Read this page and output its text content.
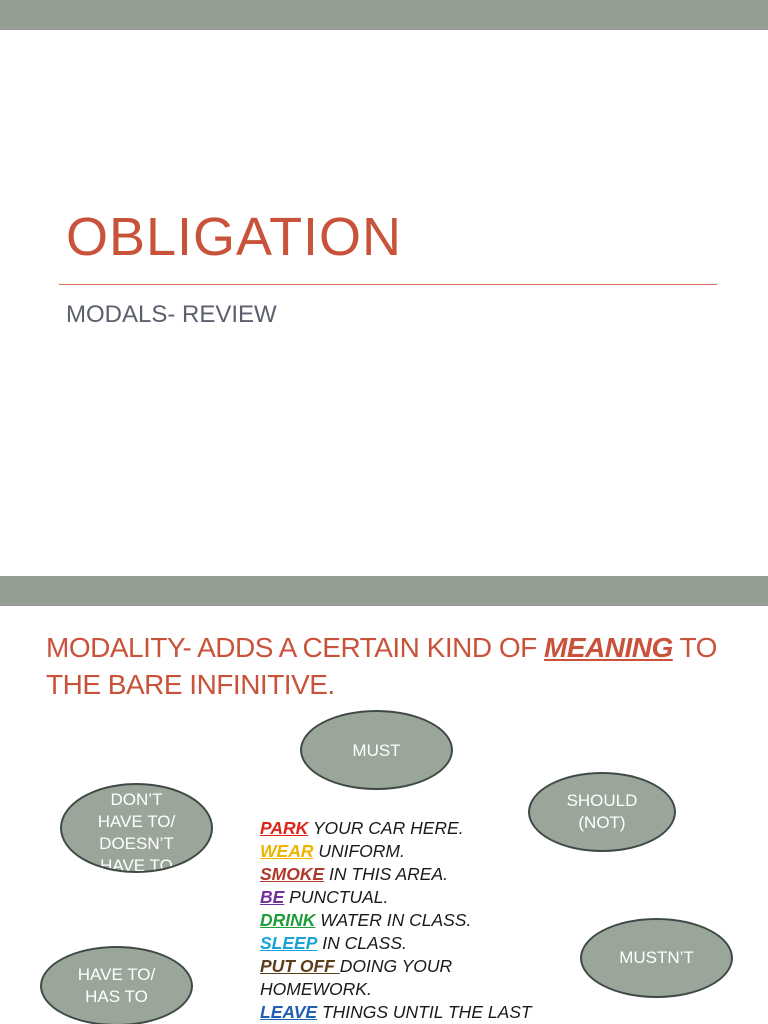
OBLIGATION
MODALS- REVIEW
MODALITY- ADDS A CERTAIN KIND OF MEANING TO THE BARE INFINITIVE.
MUST
SHOULD
(NOT)
MUSTN’T
DON’T
HAVE TO/
DOESN’T
HAVE TO
HAVE TO/
HAS TO
PARK YOUR CAR HERE.
WEAR UNIFORM.
SMOKE IN THIS AREA.
BE PUNCTUAL.
DRINK WATER IN CLASS.
SLEEP IN CLASS.
PUT OFF DOING YOUR
HOMEWORK.
LEAVE THINGS UNTIL THE LAST
